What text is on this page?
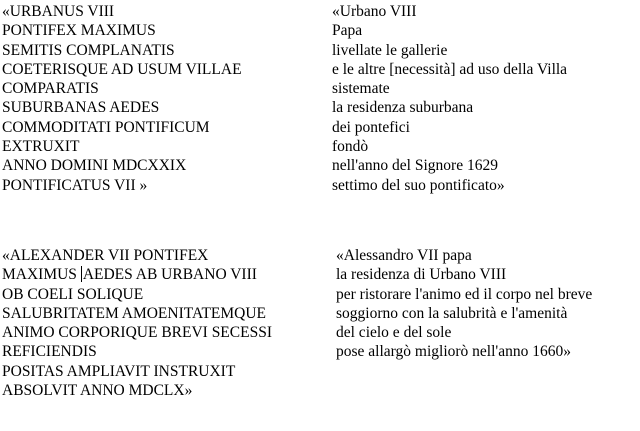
«URBANUS VIII
PONTIFEX MAXIMUS
SEMITIS COMPLANATIS
COETERISQUE AD USUM VILLAE
COMPARATIS
SUBURBANAS AEDES
COMMODITATI PONTIFICUM
EXTRUXIT
ANNO DOMINI MDCXXIX
PONTIFICATUS VII »
«Urbano VIII
Papa
livellate le gallerie
e le altre [necessità] ad uso della Villa
sistemate
la residenza suburbana
dei pontefici
fondò
nell'anno del Signore 1629
settimo del suo pontificato»
«ALEXANDER VII PONTIFEX
MAXIMUS AEDES AB URBANO VIII
OB COELI SOLIQUE
SALUBRITATEM AMOENITATEMQUE
ANIMO CORPORIQUE BREVI SECESSI
REFICIENDIS
POSITAS AMPLIAVIT INSTRUXIT
ABSOLVIT ANNO MDCLX»
«Alessandro VII papa
la residenza di Urbano VIII
per ristorare l'animo ed il corpo nel breve
soggiorno con la salubrità e l'amenità
del cielo e del sole
pose allargò migliorò nell'anno 1660»
